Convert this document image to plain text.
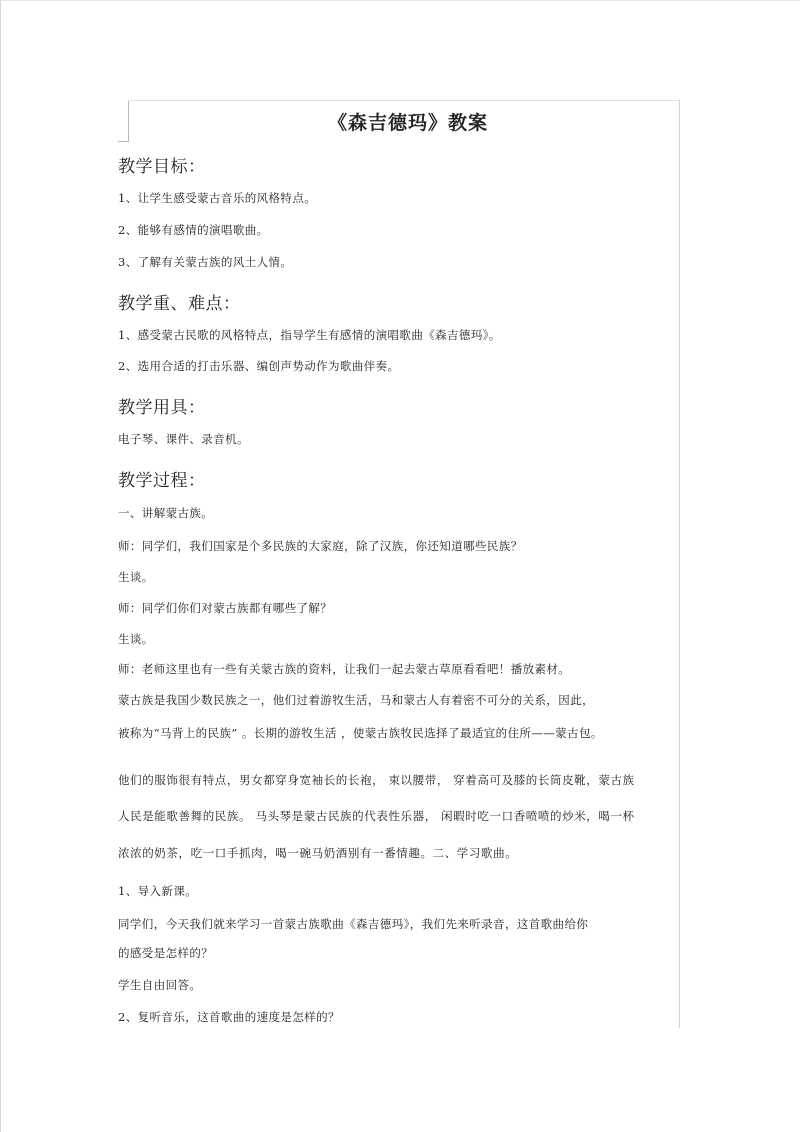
《森吉德玛》教案
教学目标：

1、让学生感受蒙古音乐的风格特点。

2、能够有感情的演唱歌曲。

3、了解有关蒙古族的风土人情。

教学重、难点：

1、感受蒙古民歌的风格特点，指导学生有感情的演唱歌曲《森吉德玛》。

2、选用合适的打击乐器、编创声势动作为歌曲伴奏。

教学用具：

电子琴、课件、录音机。

教学过程：

一、讲解蒙古族。

师：同学们，我们国家是个多民族的大家庭，除了汉族，你还知道哪些民族？

生谈。

师：同学们你们对蒙古族都有哪些了解？

生谈。

师：老师这里也有一些有关蒙古族的资料，让我们一起去蒙古草原看看吧！播放素材。

蒙古族是我国少数民族之一，他们过着游牧生活，马和蒙古人有着密不可分的关系，因此，

被称为“马背上的民族” 。长期的游牧生活 ，使蒙古族牧民选择了最适宜的住所——蒙古包。

他们的服饰很有特点，男女都穿身宽袖长的长袍， 束以腰带， 穿着高可及膝的长筒皮靴，蒙古族

人民是能歌善舞的民族。 马头琴是蒙古民族的代表性乐器， 闲暇时吃一口香喷喷的炒米，喝一杯

浓浓的奶茶，吃一口手抓肉，喝一碗马奶酒别有一番情趣。二、学习歌曲。

1、导入新课。

同学们，今天我们就来学习一首蒙古族歌曲《森吉德玛》，我们先来听录音，这首歌曲给你

的感受是怎样的？

学生自由回答。

2、复听音乐，这首歌曲的速度是怎样的？
